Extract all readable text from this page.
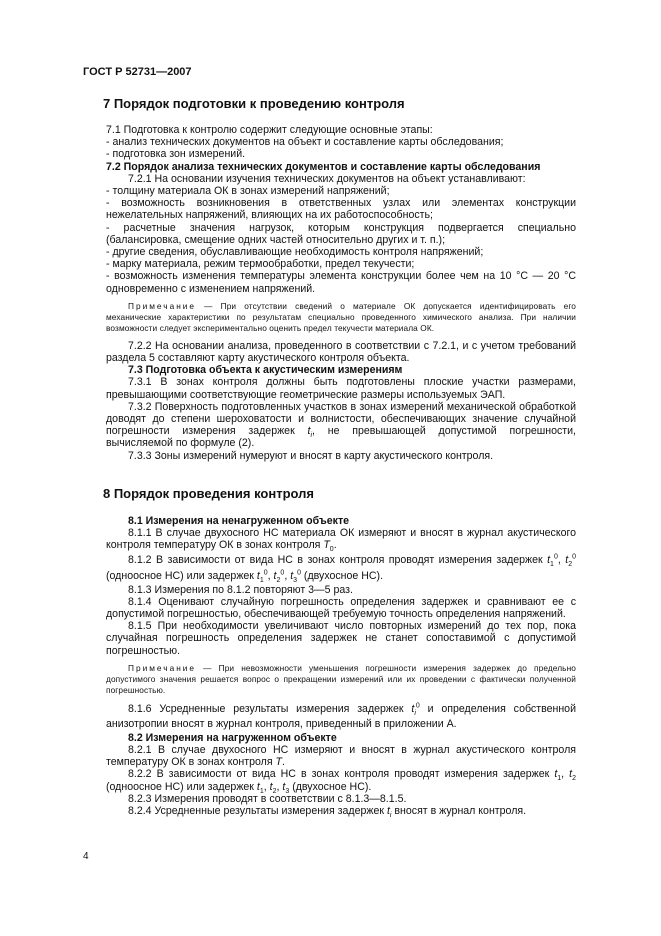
ГОСТ Р 52731—2007
7 Порядок подготовки к проведению контроля

7.1 Подготовка к контролю содержит следующие основные этапы:

- анализ технических документов на объект и составление карты обследования;

- подготовка зон измерений.

7.2 Порядок анализа технических документов и составление карты обследования

7.2.1 На основании изучения технических документов на объект устанавливают:

- толщину материала ОК в зонах измерений напряжений;

- возможность возникновения в ответственных узлах или элементах конструкции нежелательных напряжений, влияющих на их работоспособность;

- расчетные значения нагрузок, которым конструкция подвергается специально (балансировка, смещение одних частей относительно других и т. п.);

- другие сведения, обуславливающие необходимость контроля напряжений;

- марку материала, режим термообработки, предел текучести;

- возможность изменения температуры элемента конструкции более чем на 10 °С — 20 °С одновременно с изменением напряжений.

Примечание — При отсутствии сведений о материале ОК допускается идентифицировать его механические характеристики по результатам специально проведенного химического анализа. При наличии возможности следует экспериментально оценить предел текучести материала ОК.

7.2.2 На основании анализа, проведенного в соответствии с 7.2.1, и с учетом требований раздела 5 составляют карту акустического контроля объекта.

7.3 Подготовка объекта к акустическим измерениям

7.3.1 В зонах контроля должны быть подготовлены плоские участки размерами, превышающими соответствующие геометрические размеры используемых ЭАП.

7.3.2 Поверхность подготовленных участков в зонах измерений механической обработкой доводят до степени шероховатости и волнистости, обеспечивающих значение случайной погрешности измерения задержек $t_i$, не превышающей допустимой погрешности, вычисляемой по формуле (2).

7.3.3 Зоны измерений нумеруют и вносят в карту акустического контроля.

8 Порядок проведения контроля

8.1 Измерения на ненагруженном объекте

8.1.1 В случае двухосного НС материала ОК измеряют и вносят в журнал акустического контроля температуру ОК в зонах контроля $T_0$.

8.1.2 В зависимости от вида НС в зонах контроля проводят измерения задержек $t_1^0$, $t_2^0$ (одноосное НС) или задержек $t_1^0$, $t_2^0$, $t_3^0$ (двухосное НС).

8.1.3 Измерения по 8.1.2 повторяют 3—5 раз.

8.1.4 Оценивают случайную погрешность определения задержек и сравнивают ее с допустимой погрешностью, обеспечивающей требуемую точность определения напряжений.

8.1.5 При необходимости увеличивают число повторных измерений до тех пор, пока случайная погрешность определения задержек не станет сопоставимой с допустимой погрешностью.

Примечание — При невозможности уменьшения погрешности измерения задержек до предельно допустимого значения решается вопрос о прекращении измерений или их проведении с фактически полученной погрешностью.

8.1.6 Усредненные результаты измерения задержек $t_i^0$ и определения собственной анизотропии вносят в журнал контроля, приведенный в приложении А.

8.2 Измерения на нагруженном объекте

8.2.1 В случае двухосного НС измеряют и вносят в журнал акустического контроля температуру ОК в зонах контроля T.

8.2.2 В зависимости от вида НС в зонах контроля проводят измерения задержек $t_1$, $t_2$ (одноосное НС) или задержек $t_1$, $t_2$, $t_3$ (двухосное НС).

8.2.3 Измерения проводят в соответствии с 8.1.3—8.1.5.

8.2.4 Усредненные результаты измерения задержек $t_i$ вносят в журнал контроля.

4
